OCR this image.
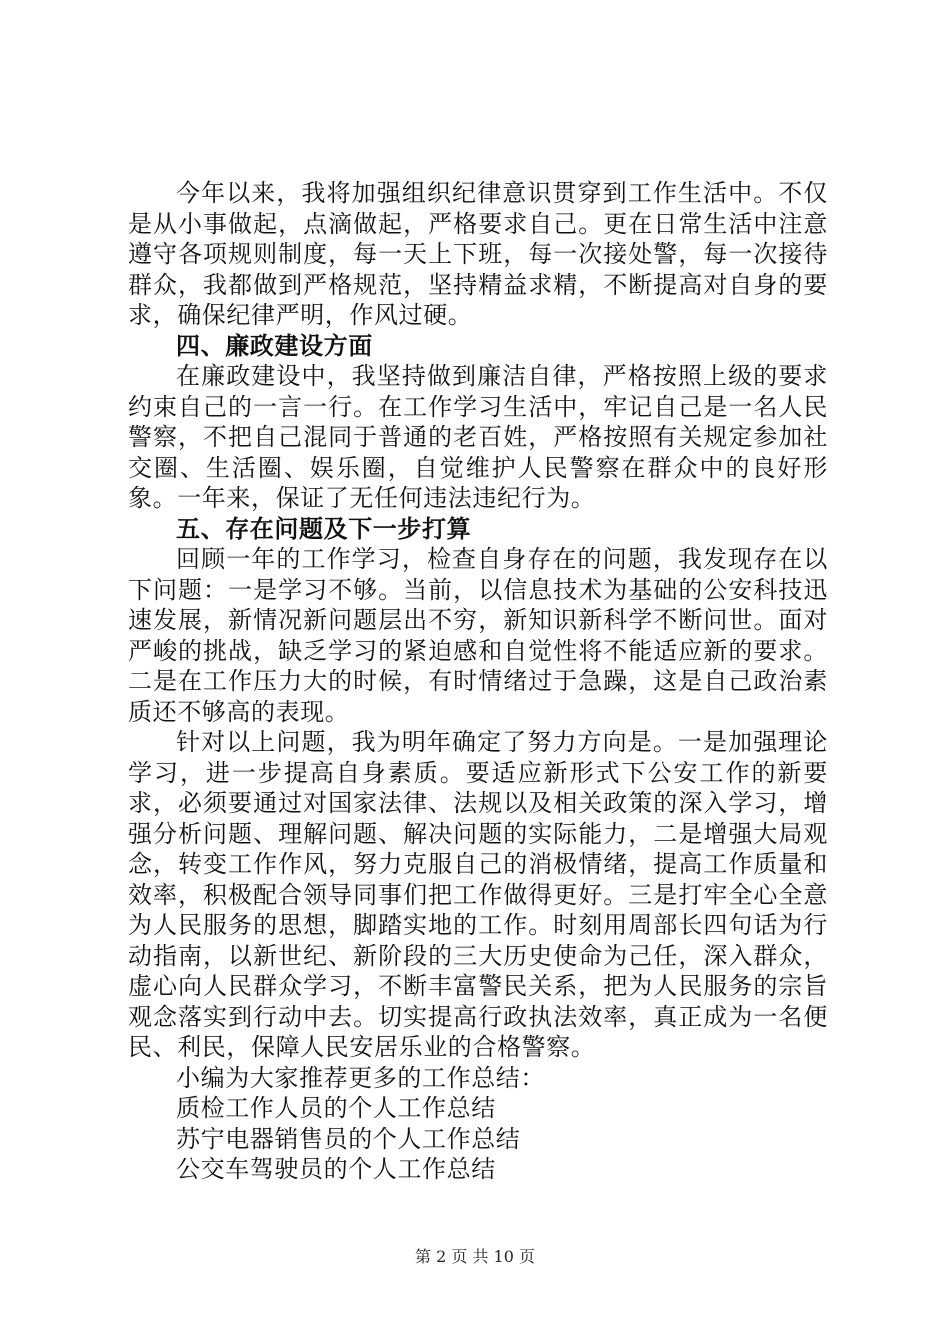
今年以来，我将加强组织纪律意识贯穿到工作生活中。不仅是从小事做起，点滴做起，严格要求自己。更在日常生活中注意遵守各项规则制度，每一天上下班，每一次接处警，每一次接待群众，我都做到严格规范，坚持精益求精，不断提高对自身的要求，确保纪律严明，作风过硬。

四、廉政建设方面

在廉政建设中，我坚持做到廉洁自律，严格按照上级的要求约束自己的一言一行。在工作学习生活中，牢记自己是一名人民警察，不把自己混同于普通的老百姓，严格按照有关规定参加社交圈、生活圈、娱乐圈，自觉维护人民警察在群众中的良好形象。一年来，保证了无任何违法违纪行为。

五、存在问题及下一步打算

回顾一年的工作学习，检查自身存在的问题，我发现存在以下问题：一是学习不够。当前，以信息技术为基础的公安科技迅速发展，新情况新问题层出不穷，新知识新科学不断问世。面对严峻的挑战，缺乏学习的紧迫感和自觉性将不能适应新的要求。二是在工作压力大的时候，有时情绪过于急躁，这是自己政治素质还不够高的表现。

针对以上问题，我为明年确定了努力方向是。一是加强理论学习，进一步提高自身素质。要适应新形式下公安工作的新要求，必须要通过对国家法律、法规以及相关政策的深入学习，增强分析问题、理解问题、解决问题的实际能力，二是增强大局观念，转变工作作风，努力克服自己的消极情绪，提高工作质量和效率，积极配合领导同事们把工作做得更好。三是打牢全心全意为人民服务的思想，脚踏实地的工作。时刻用周部长四句话为行动指南，以新世纪、新阶段的三大历史使命为己任，深入群众，虚心向人民群众学习，不断丰富警民关系，把为人民服务的宗旨观念落实到行动中去。切实提高行政执法效率，真正成为一名便民、利民，保障人民安居乐业的合格警察。

小编为大家推荐更多的工作总结：

质检工作人员的个人工作总结

苏宁电器销售员的个人工作总结

公交车驾驶员的个人工作总结

第 2 页 共 10 页
